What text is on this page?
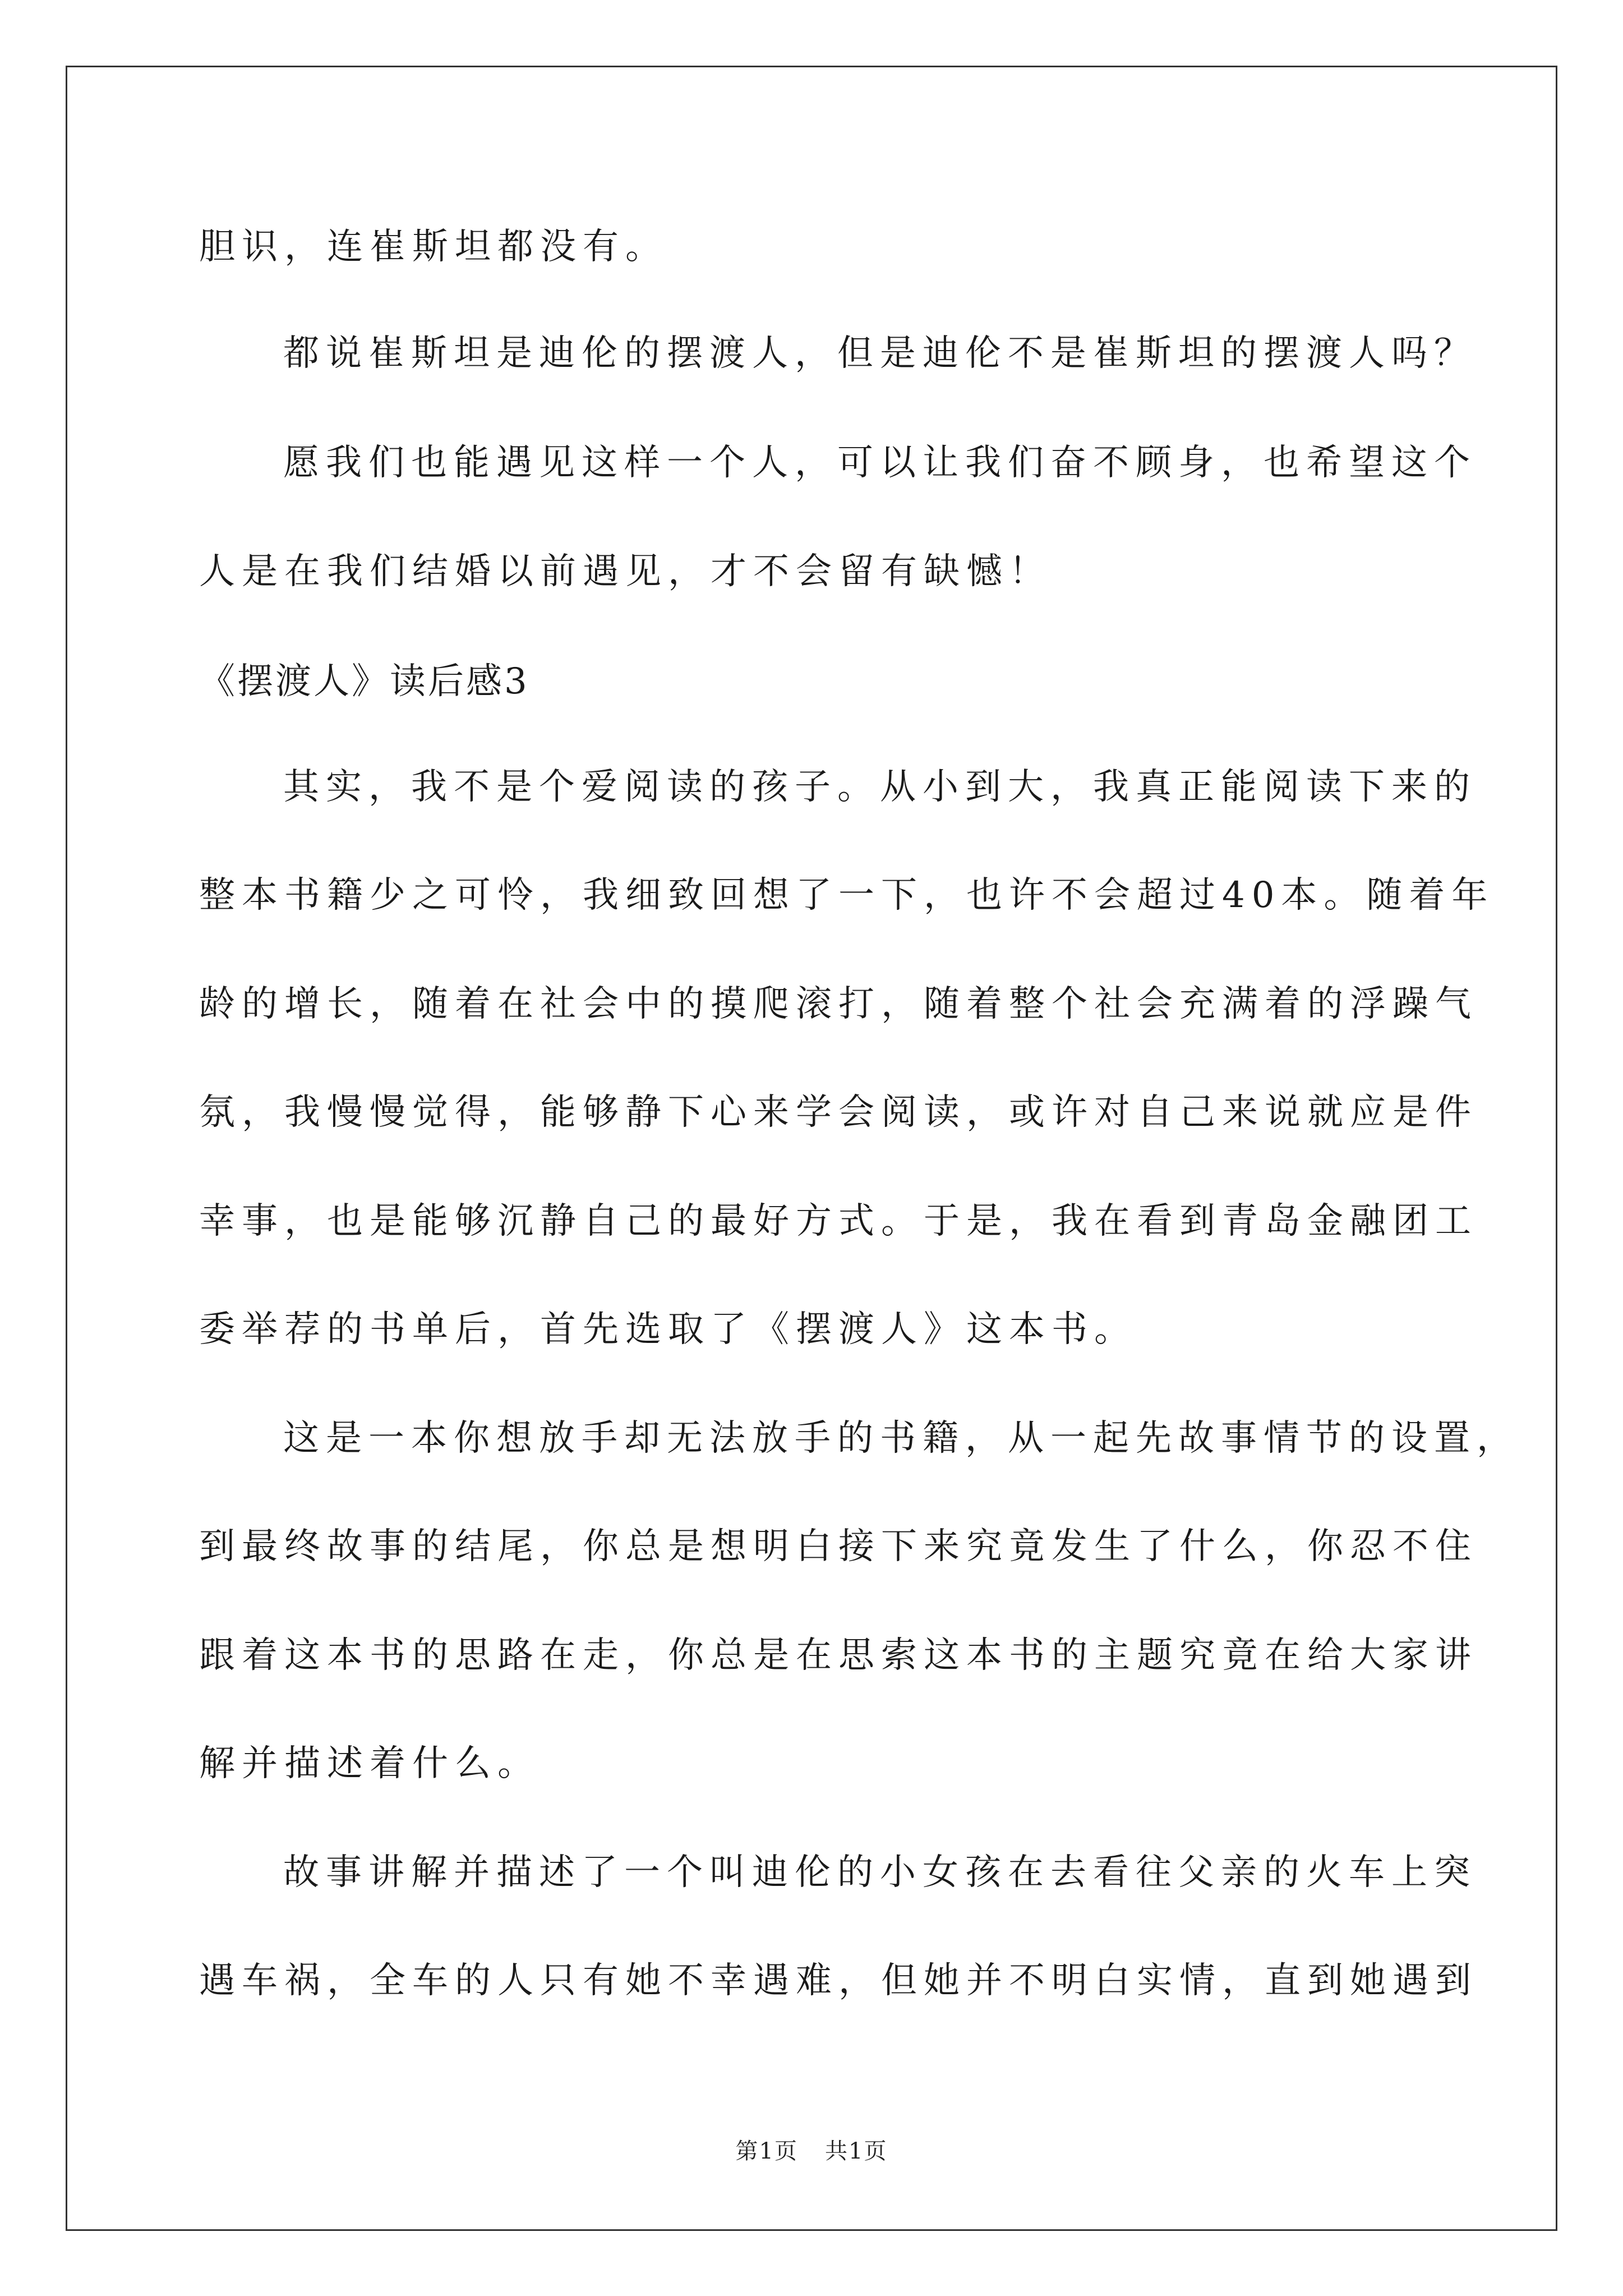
胆识，连崔斯坦都没有。
都说崔斯坦是迪伦的摆渡人，但是迪伦不是崔斯坦的摆渡人吗？
愿我们也能遇见这样一个人，可以让我们奋不顾身，也希望这个
人是在我们结婚以前遇见，才不会留有缺憾！
《摆渡人》读后感3
其实，我不是个爱阅读的孩子。从小到大，我真正能阅读下来的
整本书籍少之可怜，我细致回想了一下，也许不会超过40本。随着年
龄的增长，随着在社会中的摸爬滚打，随着整个社会充满着的浮躁气
氛，我慢慢觉得，能够静下心来学会阅读，或许对自己来说就应是件
幸事，也是能够沉静自己的最好方式。于是，我在看到青岛金融团工
委举荐的书单后，首先选取了《摆渡人》这本书。
这是一本你想放手却无法放手的书籍，从一起先故事情节的设置，
到最终故事的结尾，你总是想明白接下来究竟发生了什么，你忍不住
跟着这本书的思路在走，你总是在思索这本书的主题究竟在给大家讲
解并描述着什么。
故事讲解并描述了一个叫迪伦的小女孩在去看往父亲的火车上突
遇车祸，全车的人只有她不幸遇难，但她并不明白实情，直到她遇到
第1页 共1页
